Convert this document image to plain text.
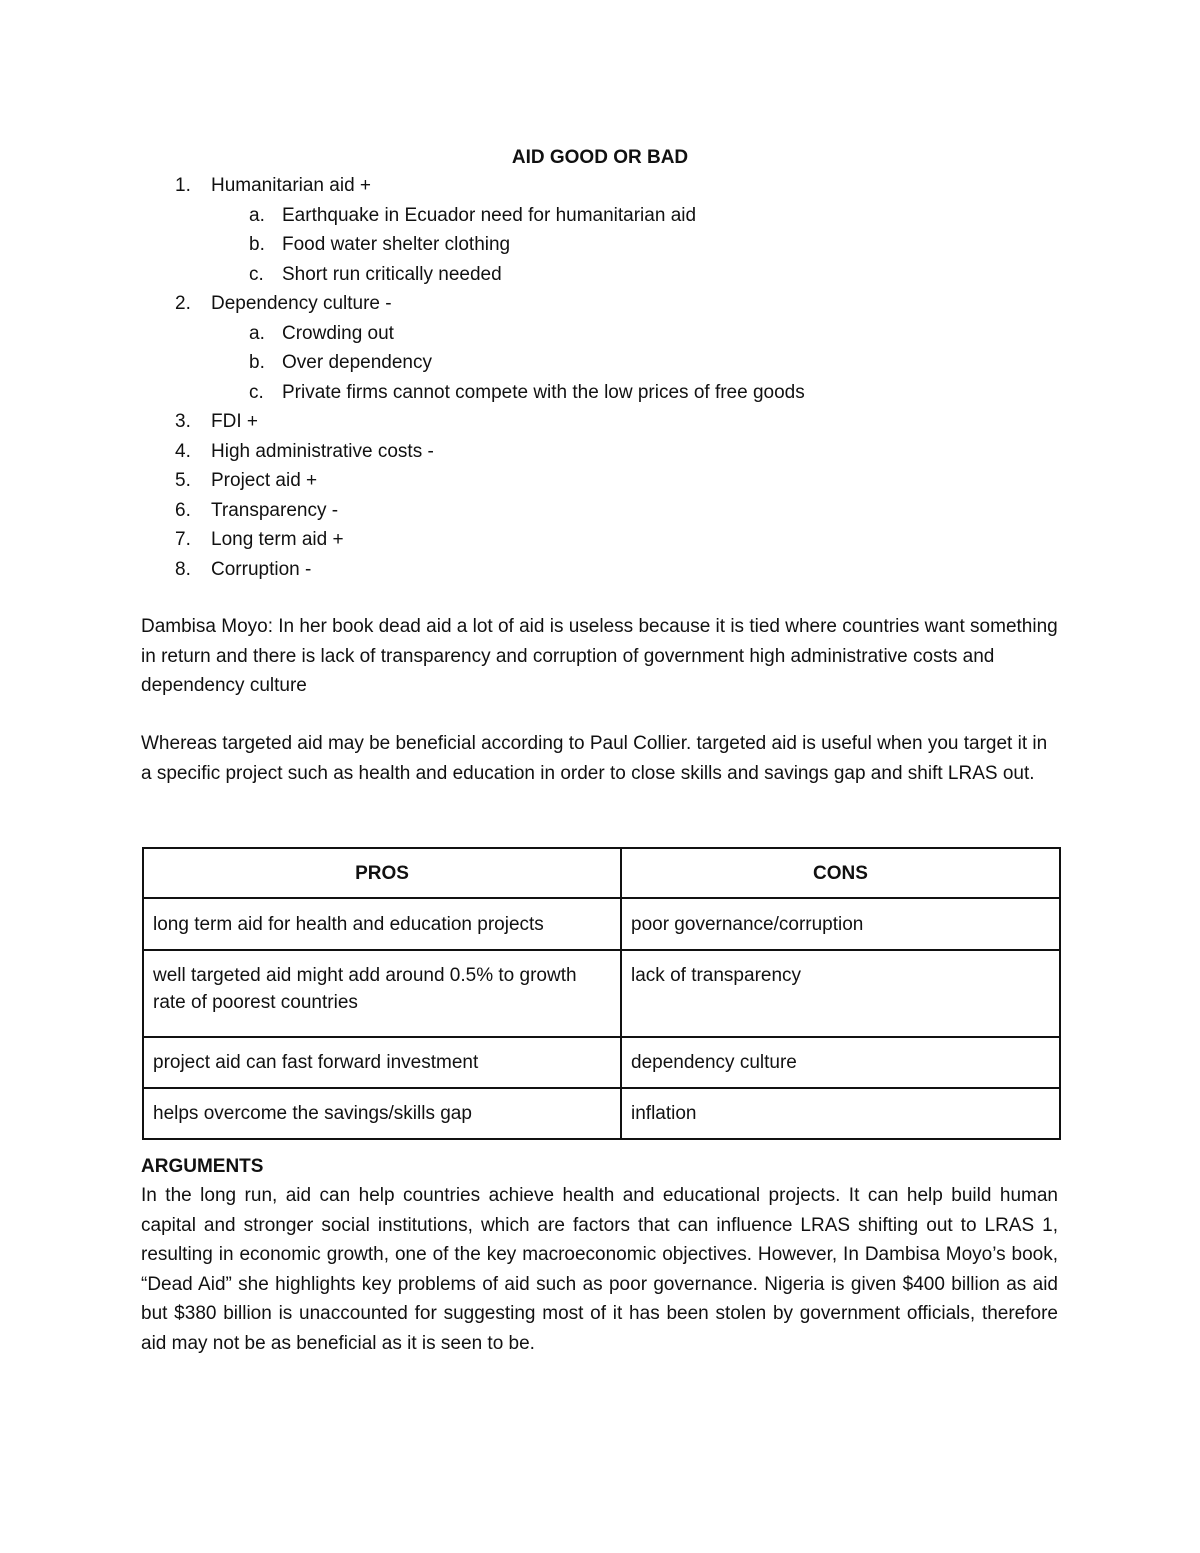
AID GOOD OR BAD
1. Humanitarian aid +
a. Earthquake in Ecuador need for humanitarian aid
b. Food water shelter clothing
c. Short run critically needed
2. Dependency culture -
a. Crowding out
b. Over dependency
c. Private firms cannot compete with the low prices of free goods
3. FDI +
4. High administrative costs -
5. Project aid +
6. Transparency -
7. Long term aid +
8. Corruption -

Dambisa Moyo: In her book dead aid a lot of aid is useless because it is tied where countries want something in return and there is lack of transparency and corruption of government high administrative costs and dependency culture

Whereas targeted aid may be beneficial according to Paul Collier. targeted aid is useful when you target it in a specific project such as health and education in order to close skills and savings gap and shift LRAS out.

PROS	CONS
long term aid for health and education projects	poor governance/corruption
well targeted aid might add around 0.5% to growth rate of poorest countries	lack of transparency
project aid can fast forward investment	dependency culture
helps overcome the savings/skills gap	inflation
ARGUMENTS

In the long run, aid can help countries achieve health and educational projects. It can help build human capital and stronger social institutions, which are factors that can influence LRAS shifting out to LRAS 1, resulting in economic growth, one of the key macroeconomic objectives. However, In Dambisa Moyo’s book, “Dead Aid” she highlights key problems of aid such as poor governance. Nigeria is given $400 billion as aid but $380 billion is unaccounted for suggesting most of it has been stolen by government officials, therefore aid may not be as beneficial as it is seen to be.
